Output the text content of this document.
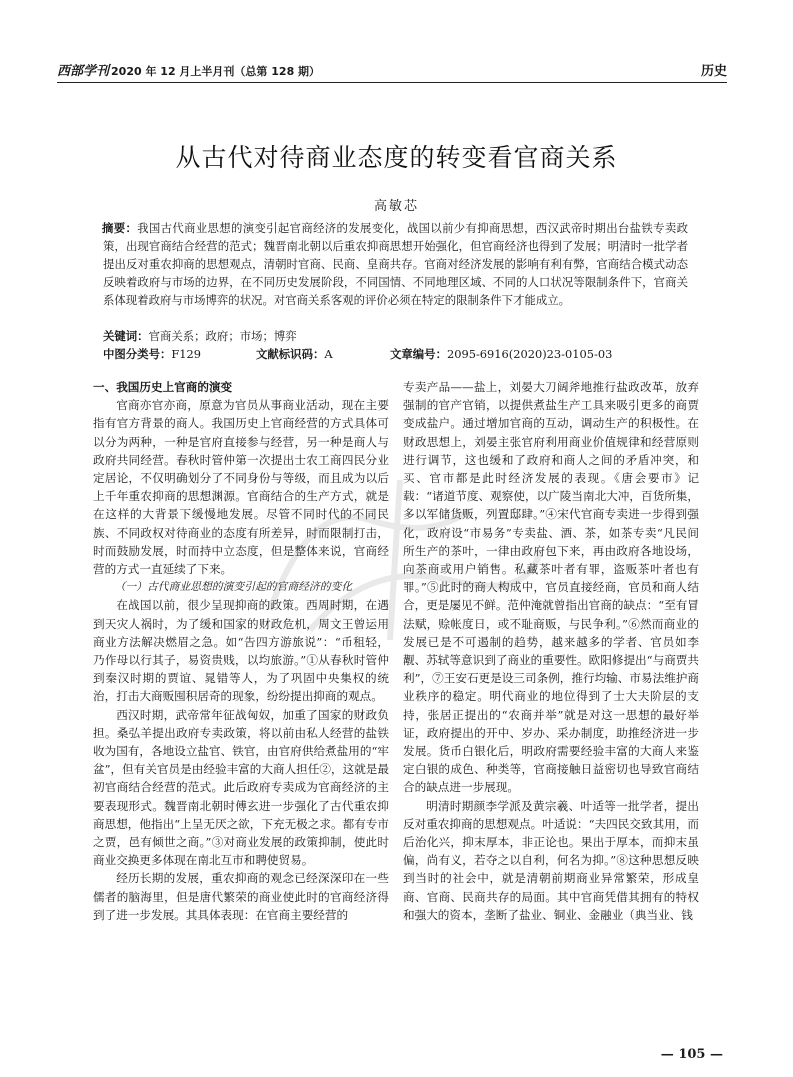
西部学刊 2020 年 12 月上半月刊（总第 128 期）	历史
从古代对待商业态度的转变看官商关系
高敏芯
摘要：我国古代商业思想的演变引起官商经济的发展变化，战国以前少有抑商思想，西汉武帝时期出台盐铁专卖政策，出现官商结合经营的范式；魏晋南北朝以后重农抑商思想开始强化，但官商经济也得到了发展；明清时一批学者提出反对重农抑商的思想观点，清朝时官商、民商、皇商共存。官商对经济发展的影响有利有弊，官商结合模式动态反映着政府与市场的边界，在不同历史发展阶段，不同国情、不同地理区域、不同的人口状况等限制条件下，官商关系体现着政府与市场博弈的状况。对官商关系客观的评价必须在特定的限制条件下才能成立。
关键词：官商关系；政府；市场；博弈
中图分类号：F129	文献标识码：A	文章编号：2095-6916(2020)23-0105-03
一、我国历史上官商的演变

官商亦官亦商，原意为官员从事商业活动，现在主要指有官方背景的商人。我国历史上官商经营的方式具体可以分为两种，一种是官府直接参与经营，另一种是商人与政府共同经营。春秋时管仲第一次提出士农工商四民分业定居论，不仅明确划分了不同身份与等级，而且成为以后上千年重农抑商的思想渊源。官商结合的生产方式，就是在这样的大背景下缓慢地发展。尽管不同时代的不同民族、不同政权对待商业的态度有所差异，时而限制打击，时而鼓励发展，时而持中立态度，但是整体来说，官商经营的方式一直延续了下来。

（一）古代商业思想的演变引起的官商经济的变化

在战国以前，很少呈现抑商的政策。西周时期，在遇到天灾人祸时，为了缓和国家的财政危机，周文王曾运用商业方法解决燃眉之急。如“告四方游旅说”：“币租轻，乃作母以行其子，易资贵贱，以均旅游。”①从春秋时管仲到秦汉时期的贾谊、晁错等人，为了巩固中央集权的统治，打击大商贩囤积居奇的现象，纷纷提出抑商的观点。

西汉时期，武帝常年征战匈奴，加重了国家的财政负担。桑弘羊提出政府专卖政策，将以前由私人经营的盐铁收为国有，各地设立盐官、铁官，由官府供给煮盐用的“牢盆”，但有关官员是由经验丰富的大商人担任②，这就是最初官商结合经营的范式。此后政府专卖成为官商经济的主要表现形式。魏晋南北朝时傅玄进一步强化了古代重农抑商思想，他指出“上呈无厌之欲，下充无极之求。都有专市之贾，邑有倾世之商。”③对商业发展的政策抑制，使此时商业交换更多体现在南北互市和聘使贸易。

经历长期的发展，重农抑商的观念已经深深印在一些儒者的脑海里，但是唐代繁荣的商业使此时的官商经济得到了进一步发展。其具体表现：在官商主要经营的

专卖产品——盐上，刘晏大刀阔斧地推行盐政改革，放弃强制的官产官销，以提供煮盐生产工具来吸引更多的商贾变成盐户。通过增加官商的互动，调动生产的积极性。在财政思想上，刘晏主张官府利用商业价值规律和经营原则进行调节，这也缓和了政府和商人之间的矛盾冲突，和买、官市都是此时经济发展的表现。《唐会要市》记载：“诸道节度、观察使，以广陵当南北大冲，百货所集，多以军储货贩，列置邸肆。”④宋代官商专卖进一步得到强化，政府设“市易务”专卖盐、酒、茶，如茶专卖“凡民间所生产的茶叶，一律由政府包下来，再由政府各地设场，向茶商或用户销售。私藏茶叶者有罪，盗贩茶叶者也有罪。”⑤此时的商人构成中，官员直接经商，官员和商人结合，更是屡见不鲜。范仲淹就曾指出官商的缺点：“至有冒法赋，赊帐度日，或不耻商贩，与民争利。”⑥然而商业的发展已是不可遏制的趋势，越来越多的学者、官员如李觏、苏轼等意识到了商业的重要性。欧阳修提出“与商贾共利”，⑦王安石更是设三司条例，推行均输、市易法维护商业秩序的稳定。明代商业的地位得到了士大夫阶层的支持，张居正提出的“农商并举”就是对这一思想的最好举证，政府提出的开中、岁办、采办制度，助推经济进一步发展。货币白银化后，明政府需要经验丰富的大商人来鉴定白银的成色、种类等，官商接触日益密切也导致官商结合的缺点进一步展现。

明清时期颜李学派及黄宗羲、叶适等一批学者，提出反对重农抑商的思想观点。叶适说：“夫四民交致其用，而后治化兴，抑末厚本，非正论也。果出于厚本，而抑末虽偏，尚有义，若夺之以自利，何名为抑。”⑧这种思想反映到当时的社会中，就是清朝前期商业异常繁荣，形成皇商、官商、民商共存的局面。其中官商凭借其拥有的特权和强大的资本，垄断了盐业、铜业、金融业（典当业、钱

— 105 —
